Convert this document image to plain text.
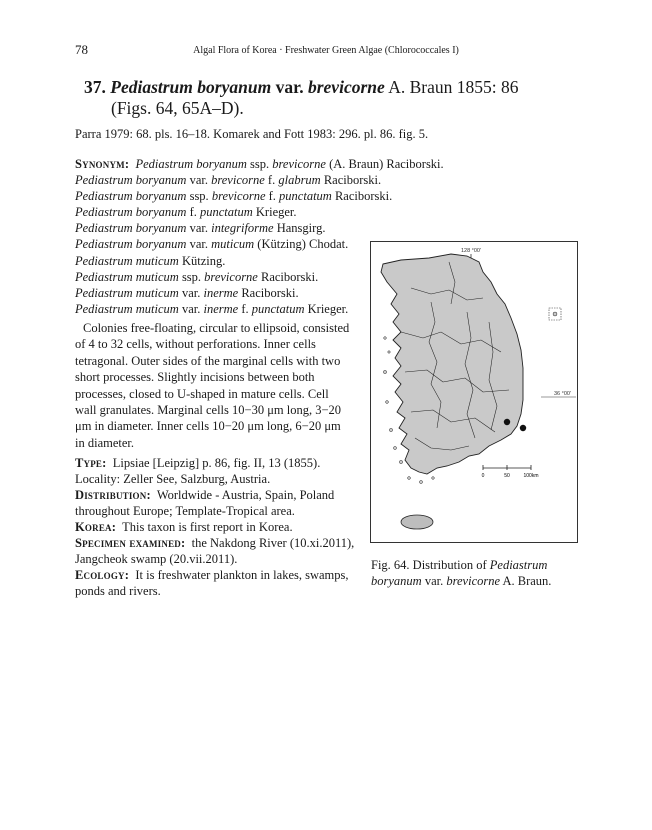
78	Algal Flora of Korea · Freshwater Green Algae (Chlorococcales I)
37. Pediastrum boryanum var. brevicorne A. Braun 1855: 86
(Figs. 64, 65A–D).
Parra 1979: 68. pls. 16–18. Komarek and Fott 1983: 296. pl. 86. fig. 5.
Synonym: Pediastrum boryanum ssp. brevicorne (A. Braun) Raciborski.
Pediastrum boryanum var. brevicorne f. glabrum Raciborski.
Pediastrum boryanum ssp. brevicorne f. punctatum Raciborski.
Pediastrum boryanum f. punctatum Krieger.
Pediastrum boryanum var. integriforme Hansgirg.
Pediastrum boryanum var. muticum (Kützing) Chodat.
Pediastrum muticum Kützing.
Pediastrum muticum ssp. brevicorne Raciborski.
Pediastrum muticum var. inerme Raciborski.
Pediastrum muticum var. inerme f. punctatum Krieger.

Colonies free-floating, circular to ellipsoid, consisted of 4 to 32 cells, without perforations. Inner cells tetragonal. Outer sides of the marginal cells with two short processes. Slightly incisions between both processes, closed to U-shaped in mature cells. Cell wall granulates. Marginal cells 10−30 μm long, 3−20 μm in diameter. Inner cells 10−20 μm long, 6−20 μm in diameter.

Type: Lipsiae [Leipzig] p. 86, fig. II, 13 (1855). Locality: Zeller See, Salzburg, Austria.

Distribution: Worldwide - Austria, Spain, Poland throughout Europe; Template-Tropical area.

Korea: This taxon is first report in Korea.

Specimen examined: the Nakdong River (10.xi.2011), Jangcheok swamp (20.vii.2011).

Ecology: It is freshwater plankton in lakes, swamps, ponds and rivers.

128 °00'
36 °00'
0	50	100km
Fig. 64. Distribution of Pediastrum boryanum var. brevicorne A. Braun.
